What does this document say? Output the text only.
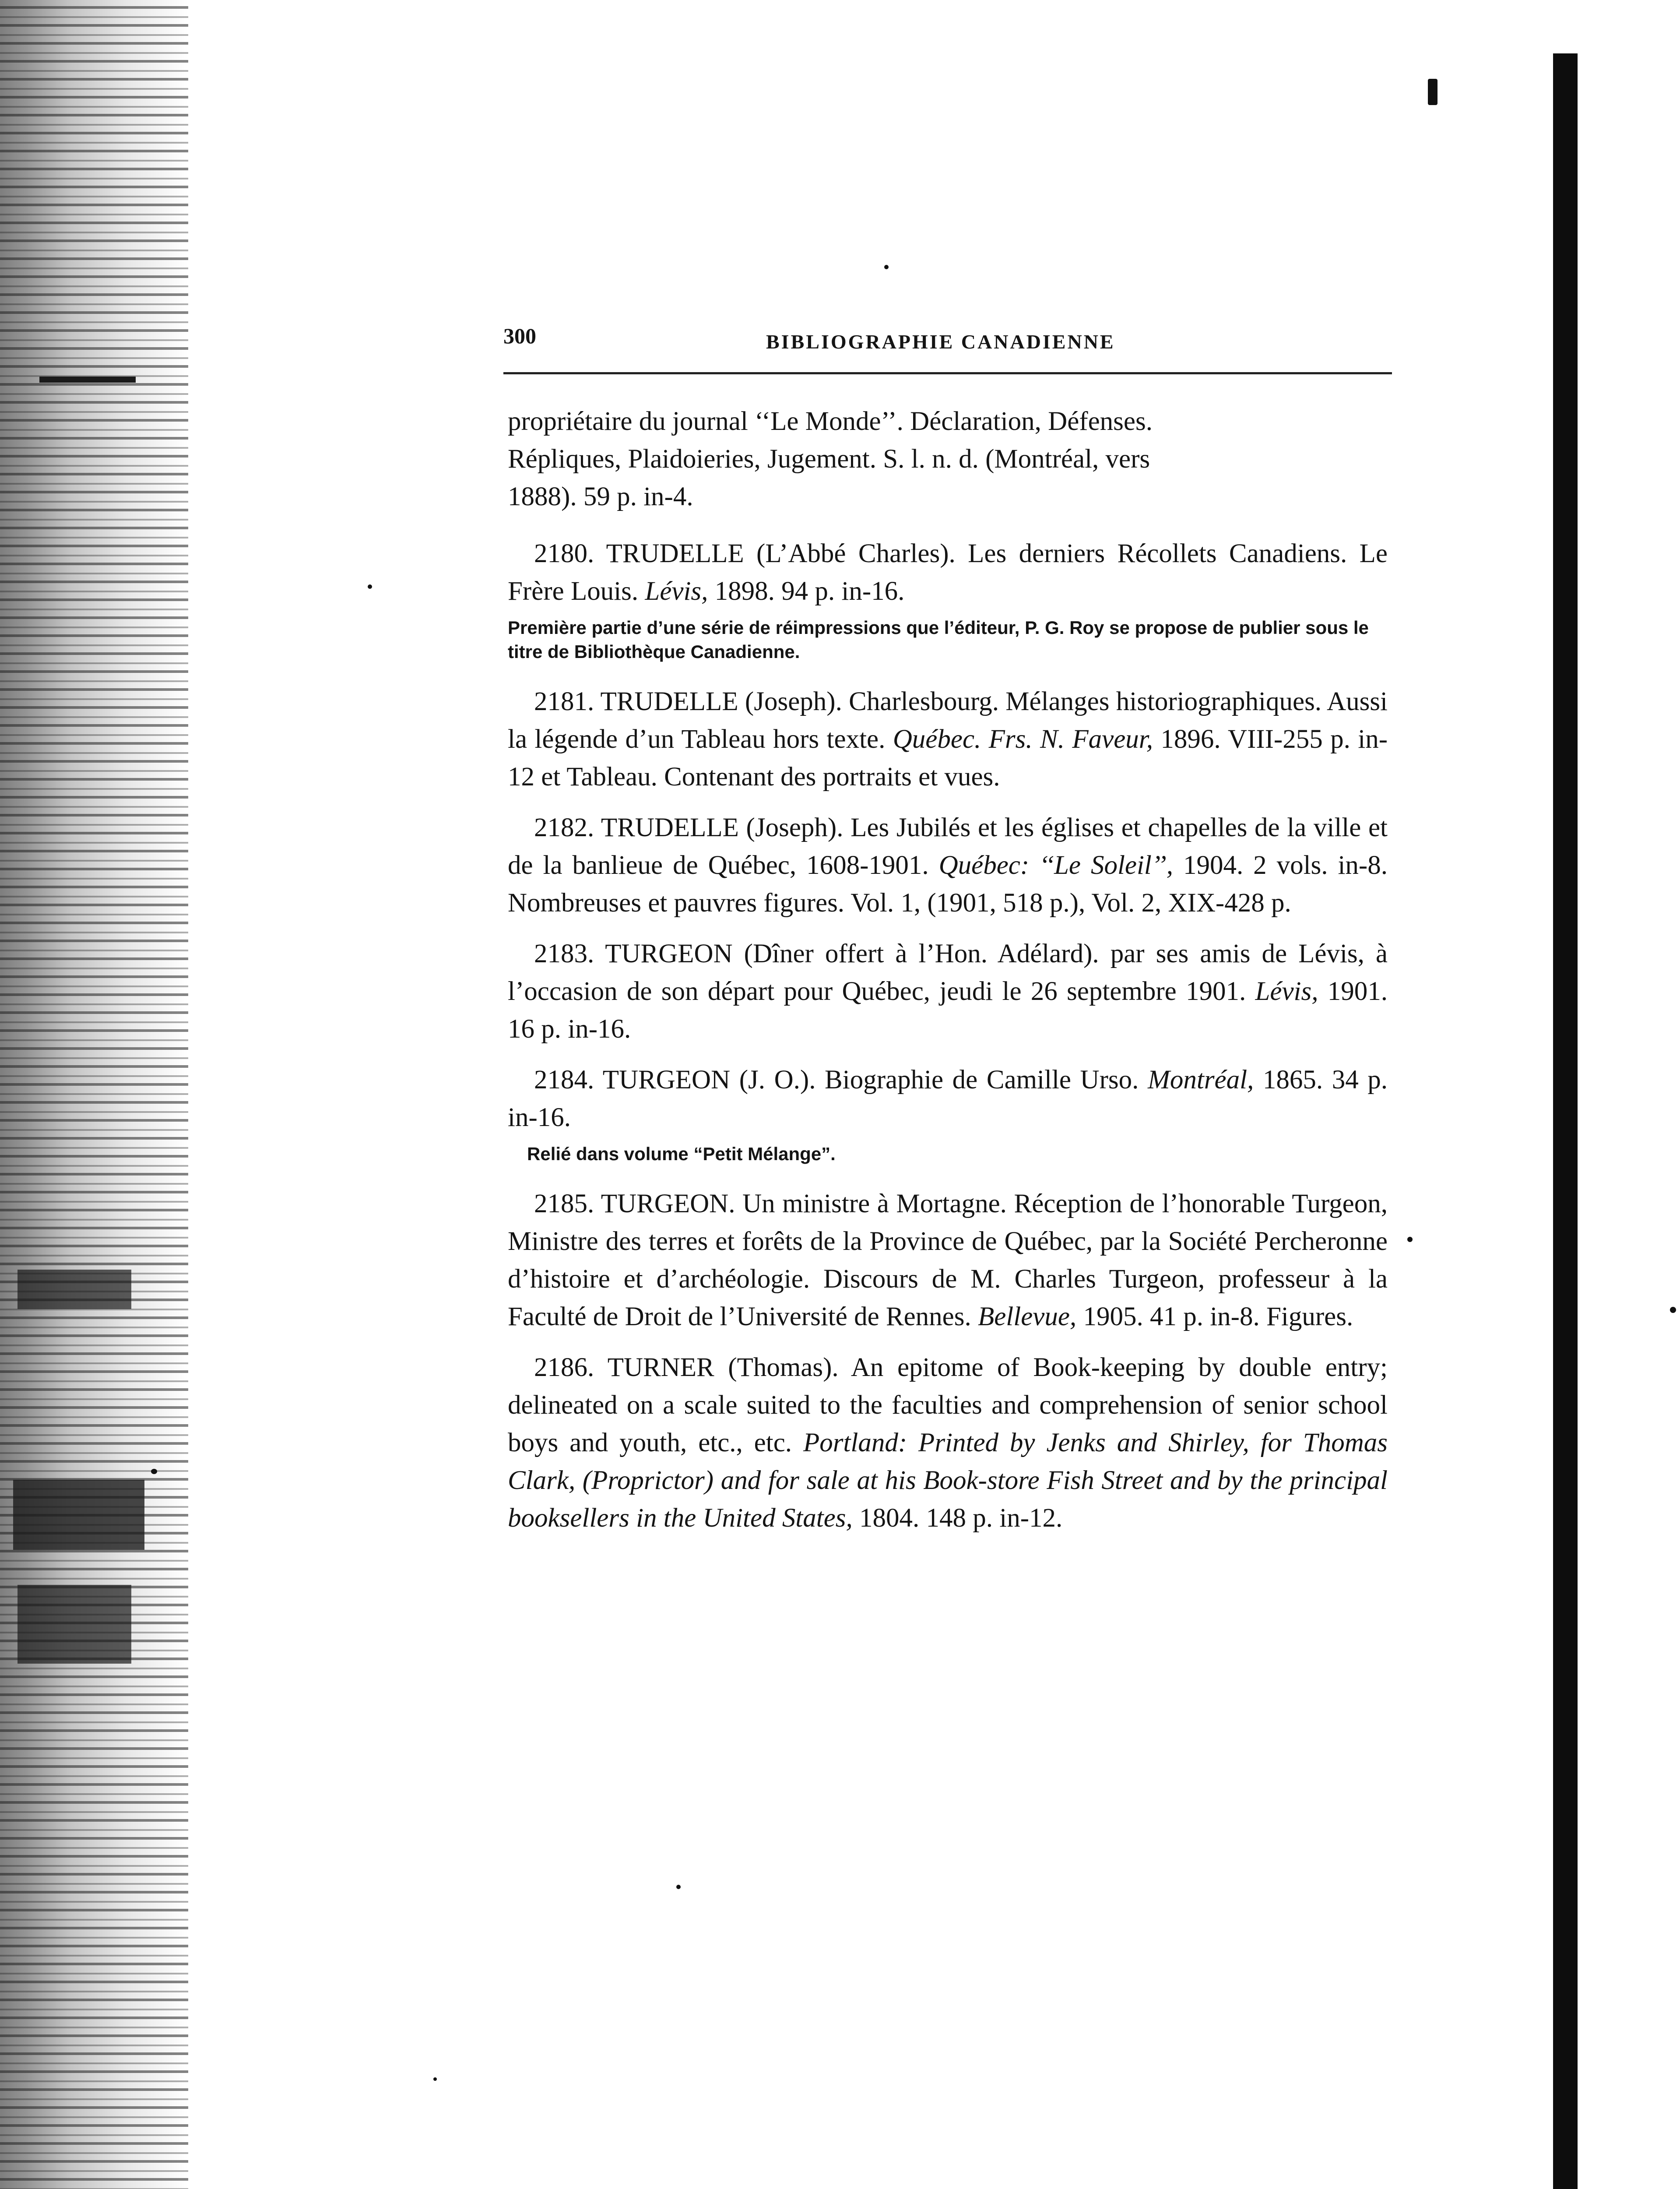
300	BIBLIOGRAPHIE CANADIENNE

propriétaire du journal ‘‘Le Monde’’. Déclaration, Défenses.
Répliques, Plaidoieries, Jugement. S. l. n. d. (Montréal, vers
1888). 59 p. in-4.

2180. TRUDELLE (L’Abbé Charles). Les derniers Récollets Canadiens. Le Frère Louis. Lévis, 1898. 94 p. in-16.

Première partie d’une série de réimpressions que l’éditeur, P. G. Roy se propose de publier sous le titre de Bibliothèque Canadienne.

2181. TRUDELLE (Joseph). Charlesbourg. Mélanges historiographiques. Aussi la légende d’un Tableau hors texte. Québec. Frs. N. Faveur, 1896. VIII-255 p. in-12 et Tableau. Contenant des portraits et vues.

2182. TRUDELLE (Joseph). Les Jubilés et les églises et chapelles de la ville et de la banlieue de Québec, 1608-1901. Québec: ‘‘Le Soleil’’, 1904. 2 vols. in-8. Nombreuses et pauvres figures. Vol. 1, (1901, 518 p.), Vol. 2, XIX-428 p.

2183. TURGEON (Dîner offert à l’Hon. Adélard). par ses amis de Lévis, à l’occasion de son départ pour Québec, jeudi le 26 septembre 1901. Lévis, 1901. 16 p. in-16.

2184. TURGEON (J. O.). Biographie de Camille Urso. Montréal, 1865. 34 p. in-16.

Relié dans volume “Petit Mélange”.

2185. TURGEON. Un ministre à Mortagne. Réception de l’honorable Turgeon, Ministre des terres et forêts de la Province de Québec, par la Société Percheronne d’histoire et d’archéologie. Discours de M. Charles Turgeon, professeur à la Faculté de Droit de l’Université de Rennes. Bellevue, 1905. 41 p. in-8. Figures.

2186. TURNER (Thomas). An epitome of Book-keeping by double entry; delineated on a scale suited to the faculties and comprehension of senior school boys and youth, etc., etc. Portland: Printed by Jenks and Shirley, for Thomas Clark, (Proprictor) and for sale at his Book-store Fish Street and by the principal booksellers in the United States, 1804. 148 p. in-12.
